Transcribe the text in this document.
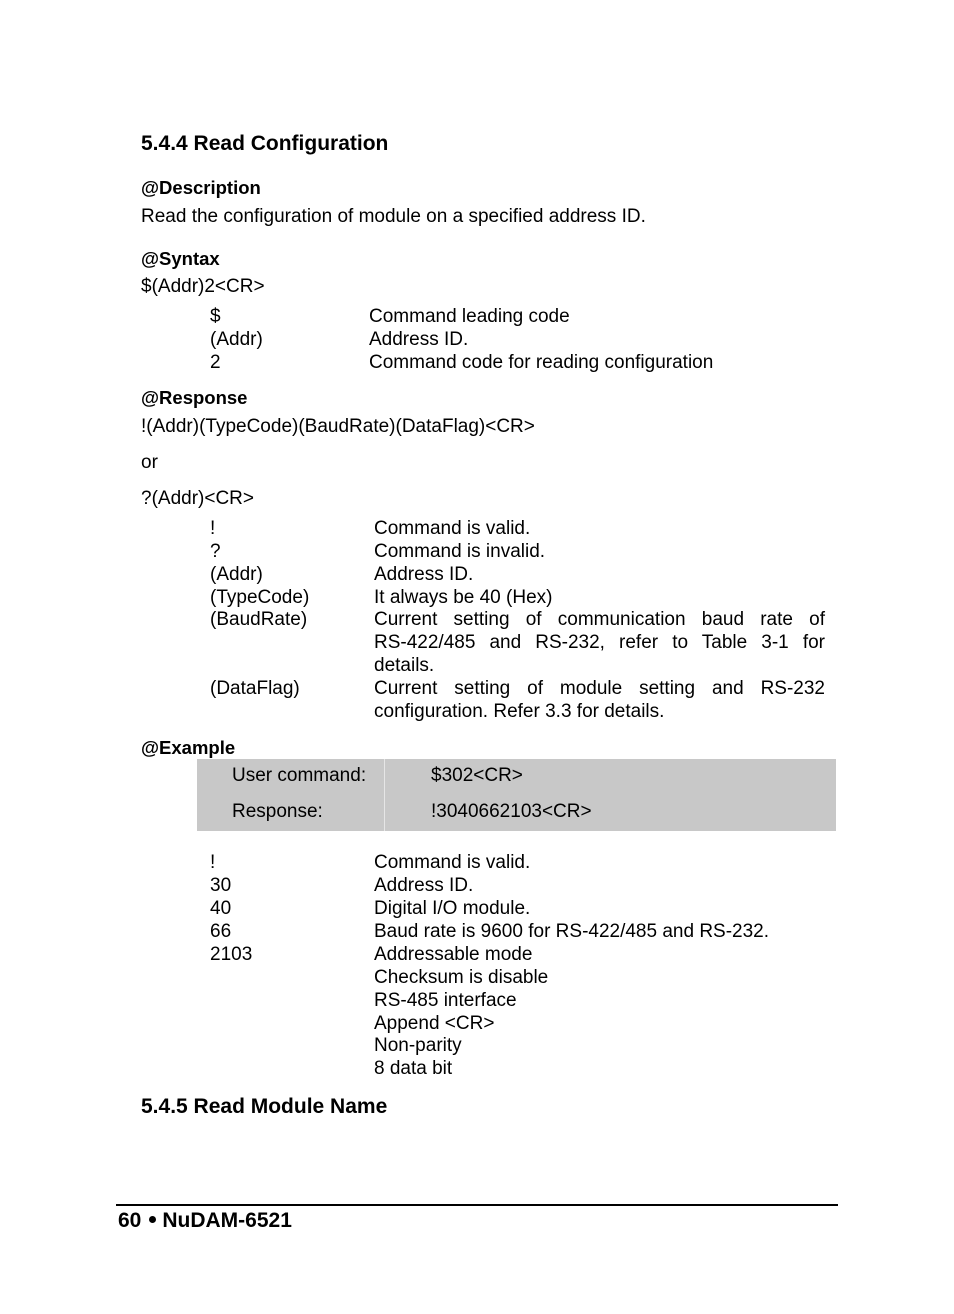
5.4.4 Read Configuration
@Description
Read the configuration of module on a specified address ID.
@Syntax
$(Addr)2<CR>
$	Command leading code
(Addr)	Address ID.
2	Command code for reading configuration
@Response
!(Addr)(TypeCode)(BaudRate)(DataFlag)<CR>
or
?(Addr)<CR>
!	Command is valid.
?	Command is invalid.
(Addr)	Address ID.
(TypeCode)	It always be 40 (Hex)
(BaudRate)	Current setting of communication baud rate of
RS-422/485 and RS-232, refer to Table 3-1 for
details.
(DataFlag)	Current setting of module setting and RS-232
configuration. Refer 3.3 for details.
@Example
User command:	$302<CR>
Response:	!3040662103<CR>
!	Command is valid.
30	Address ID.
40	Digital I/O module.
66	Baud rate is 9600 for RS-422/485 and RS-232.
2103	Addressable mode
Checksum is disable
RS-485 interface
Append <CR>
Non-parity
8 data bit
5.4.5 Read Module Name
60 NuDAM-6521
